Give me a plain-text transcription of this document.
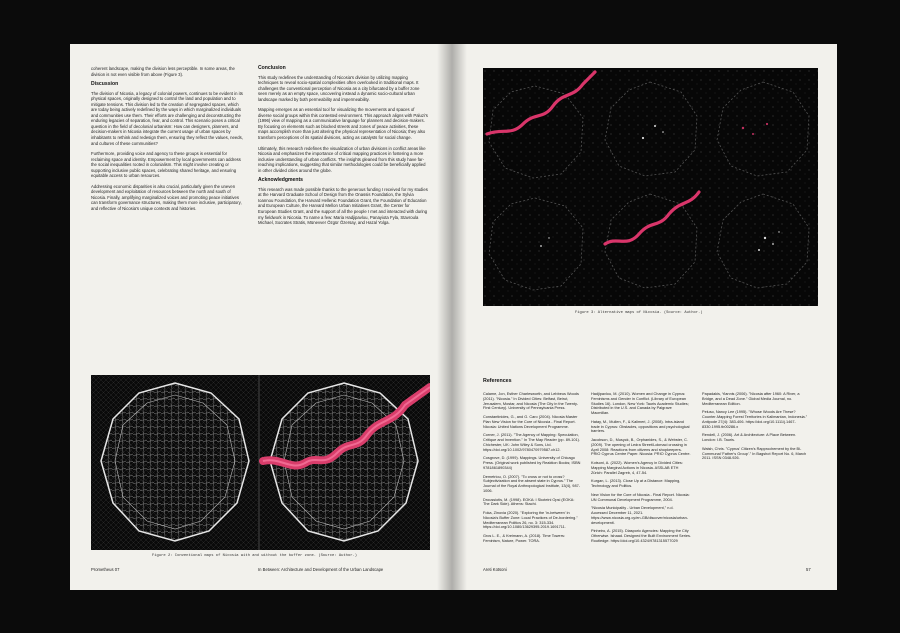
coherent landscape, making the division less perceptible. In some areas, the division is not even visible from above (Figure 3).

Discussion

The division of Nicosia, a legacy of colonial powers, continues to be evident in its physical spaces, originally designed to control the land and population and to mitigate tensions. This division led to the creation of segregated spaces, which are today being actively redefined by the ways in which marginalized individuals and communities use them. Their efforts are challenging and deconstructing the enduring legacies of separation, fear, and control. This scenario poses a critical question in the field of decolonial urbanism: How can designers, planners, and decision-makers in Nicosia integrate the current usage of urban spaces by inhabitants to rethink and redesign them, ensuring they reflect the values, needs, and cultures of these communities?

Furthermore, providing voice and agency to these groups is essential for reclaiming space and identity. Empowerment by local governments can address the social inequalities rooted in colonialism. This might involve creating or supporting inclusive public spaces, celebrating shared heritage, and ensuring equitable access to urban resources.

Addressing economic disparities is also crucial, particularly given the uneven development and exploitation of resources between the north and south of Nicosia. Finally, amplifying marginalized voices and promoting peace initiatives can transform governance structures, making them more inclusive, participatory, and reflective of Nicosia's unique contexts and histories.

Conclusion

This study redefines the understanding of Nicosia's division by utilizing mapping techniques to reveal socio-spatial complexities often overlooked in traditional maps. It challenges the conventional perception of Nicosia as a city bifurcated by a buffer zone seen merely as an empty space, uncovering instead a dynamic socio-cultural urban landscape marked by both permeability and impermeability.

Mapping emerges as an essential tool for visualizing the movements and spaces of diverse social groups within this contested environment. This approach aligns with Paluzi's (1996) view of mapping as a communicative language for planners and decision-makers. By focusing on elements such as blocked streets and zones of peace activities, these maps accomplish more than just altering the physical representation of Nicosia; they also transform perceptions of its spatial divisions, acting as catalysts for social change.

Ultimately, this research redefines the visualization of urban divisions in conflict areas like Nicosia and emphasizes the importance of critical mapping practices in fostering a more inclusive understanding of urban conflicts. The insights gleaned from this study have far-reaching implications, suggesting that similar methodologies could be beneficially applied in other divided cities around the globe.

Acknowledgments

This research was made possible thanks to the generous funding I received for my studies at the Harvard Graduate School of Design from the Onassis Foundation, the Sylvia Ioannou Foundation, the Harvard Hellenic Foundation Grant, the Foundation of Education and European Culture, the Harvard Mellon Urban Initiatives Grant, the Center for European Studies Grant, and the support of all the people I met and interacted with during my fieldwork in Nicosia. To name a few: Maria Hadjipavlou, Panayiota Fyla, Stavroula Michael, Socrates Stratis, Münevver Özgür Özersay, and Hazal Yolga.

Figure 2: Conventional maps of Nicosia with and without the buffer zone. (Source: Author.)
Prometheus 07	In Between: Architecture and Development of the Urban Landscape
Figure 3: Alternative maps of Nicosia. (Source: Author.)
References
Calame, Jon, Esther Charlesworth, and Lebbeus Woods (2011). "Nicosia." In Divided Cities: Belfast, Beirut, Jerusalem, Mostar, and Nicosia (The City in the Twenty-First Century). University of Pennsylvania Press.
Constantinides, G., and G. Caro (2004). Nicosia Master Plan New Vision for the Core of Nicosia - Final Report. Nicosia: United Nations Development Programme.
Corner, J. (2011). "The Agency of Mapping: Speculation, Critique and Invention." In The Map Reader (pp. 89-101). Chichester, UK: John Wiley & Sons, Ltd. https://doi.org/10.1002/9780470979587.ch12.
Cosgrove, D. (1999). Mappings. University of Chicago Press. (Original work published by Reaktion Books; ISBN 9781861890344)
Demetriou, O. (2007). "To cross or not to cross? Subjectivization and the absent state in Cyprus." The Journal of the Royal Anthropological Institute, 13(4), 987-1006.
Droussiotis, M. (1998). EOKA: I Skoteini Opsi (EOKA: The Dark Side). Athens: Stachi.
Foka, Zinovia (2020). "Exploring the 'in-between' in Nicosia's Buffer Zone: Local Practices of De-bordering." Mediterranean Politics 26, no. 3: 315-334. https://doi.org/10.1080/13629395.2019.1691711.
Gros L. E., & Kreimann, A. (2018). Time Towers: Feminism, Nature, Power. TORA.
Hadjipavlou, M. (2010). Women and Change in Cyprus: Feminisms and Gender in Conflict. (Library of European Studies 16). London, New York: Tauris Academic Studies; Distributed in the U.S. and Canada by Palgrave Macmillan.
Hatay, M., Mullen, F., & Kalimeri, J. (2008). Intra-island trade in Cyprus: Obstacles, oppositions and psychological barriers.
Jacobson, D., Musyck, B., Orphanides, S., & Webster, C. (2009). The opening of Ledra Street/Lokmaci crossing in April 2008: Reactions from citizens and shopkeepers. PRIO Cyprus Centre Paper. Nicosia: PRIO Cyprus Centre.
Kotsoni, A. (2022). Women's Agency in Divided Cities: Mapping Marginal Actions in Nicosia. ASSLAB ETH Zürich: Parallel Zagreb, 4, 47-54.
Kurgan, L. (2013). Close Up at a Distance: Mapping, Technology and Politics.
New Vision for the Core of Nicosia - Final Report. Nicosia: UN Communal Development Programme, 2004.
"Nicosia Municipality - Urban Development," n.d. Accessed December 11, 2021. https://www.nicosia.org.cy/en-GB/discover/nicosia/urban-development/.
Pinheiro, A. (2015). Diasporic Agencies: Mapping the City Otherwise. Ishaad. Designed the Built Environment Series. Routledge. https://doi.org/10.4324/9781315577029
Papadakis, Yiannis (2006). "Nicosia after 1960: A River, a Bridge, and a Dead Zone." Global Media Journal, no. Mediterranean Edition.
Peluso, Nancy Lee (1995). "Whose Woods Are These? Counter-Mapping Forest Territories in Kalimantan, Indonesia." Antipode 27(4): 383-406. https://doi.org/10.1111/j.1467-8330.1995.tb00286.x
Rendell, J. (2006). Art & Architecture: A Place Between. London: I.B. Tauris.
Walsh, Chris. "Cyprus' Citizen's Rapprochement by the Bi-Communal 'Father's Group'." In Bagshot Report No. 6, March 2011. ISSN 0348-926.
Areti Kotsoni	57
